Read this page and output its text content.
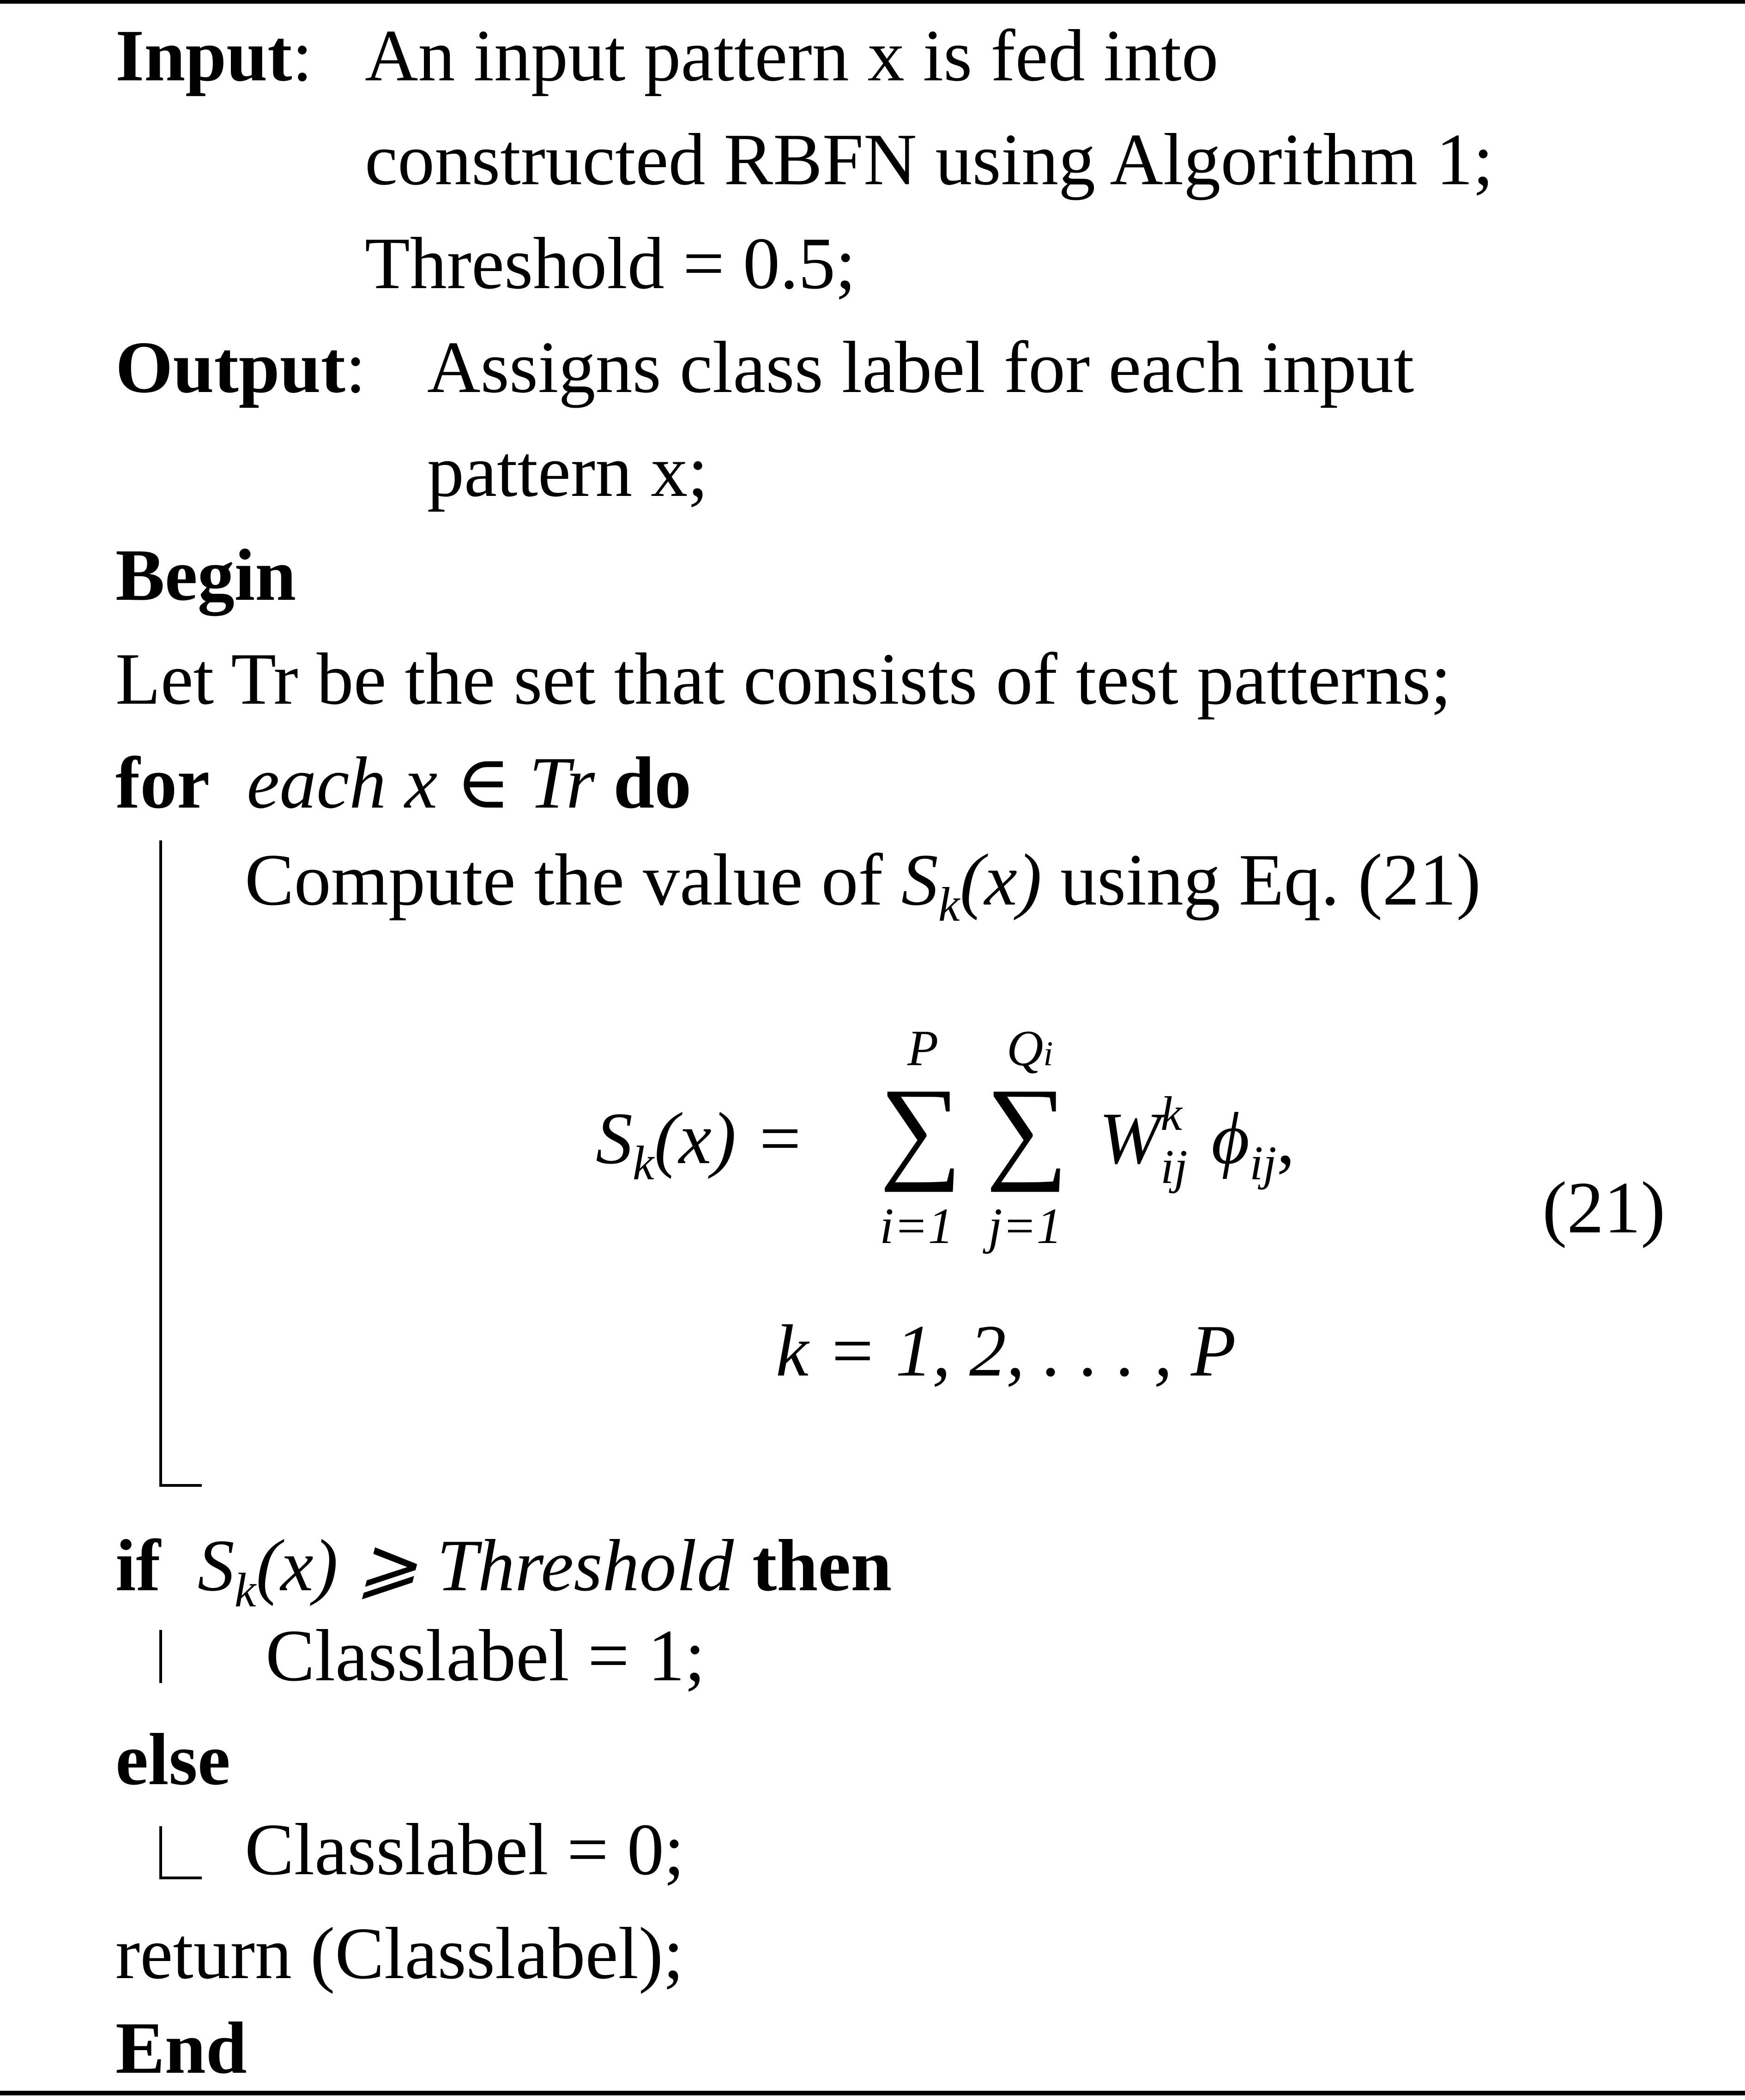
Input: An input pattern x is fed into
constructed RBFN using Algorithm 1;
Threshold = 0.5;
Output: Assigns class label for each input
pattern x;
Begin
Let Tr be the set that consists of test patterns;
for each x ∈ Tr do
Compute the value of $S_k(x)$ using Eq. (21)
$S_k(x)$ =
P
∑
i=1
Qi
∑
j=1
W k
ij $\phi_{ij}$,
(21)
k = 1, 2, . . . , P
if $S_k(x)$ ⩾ Threshold then
Classlabel = 1;
else
Classlabel = 0;
return (Classlabel);
End
